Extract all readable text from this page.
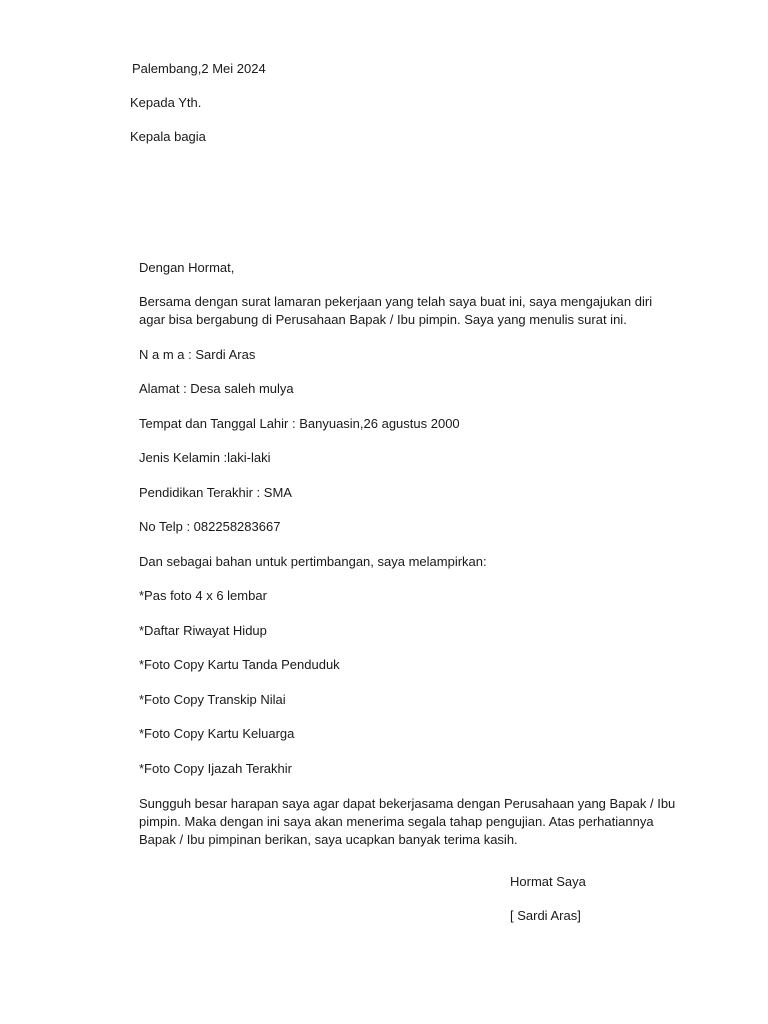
Palembang,2 Mei 2024
Kepada Yth.
Kepala bagia
Dengan Hormat,
Bersama dengan surat lamaran pekerjaan yang telah saya buat ini, saya mengajukan diri
agar bisa bergabung di Perusahaan Bapak / Ibu pimpin. Saya yang menulis surat ini.
N a m a : Sardi Aras
Alamat : Desa saleh mulya
Tempat dan Tanggal Lahir : Banyuasin,26 agustus 2000
Jenis Kelamin :laki-laki
Pendidikan Terakhir : SMA
No Telp : 082258283667
Dan sebagai bahan untuk pertimbangan, saya melampirkan:
*Pas foto 4 x 6 lembar
*Daftar Riwayat Hidup
*Foto Copy Kartu Tanda Penduduk
*Foto Copy Transkip Nilai
*Foto Copy Kartu Keluarga
*Foto Copy Ijazah Terakhir
Sungguh besar harapan saya agar dapat bekerjasama dengan Perusahaan yang Bapak / Ibu
pimpin. Maka dengan ini saya akan menerima segala tahap pengujian. Atas perhatiannya
Bapak / Ibu pimpinan berikan, saya ucapkan banyak terima kasih.
Hormat Saya
[ Sardi Aras]
